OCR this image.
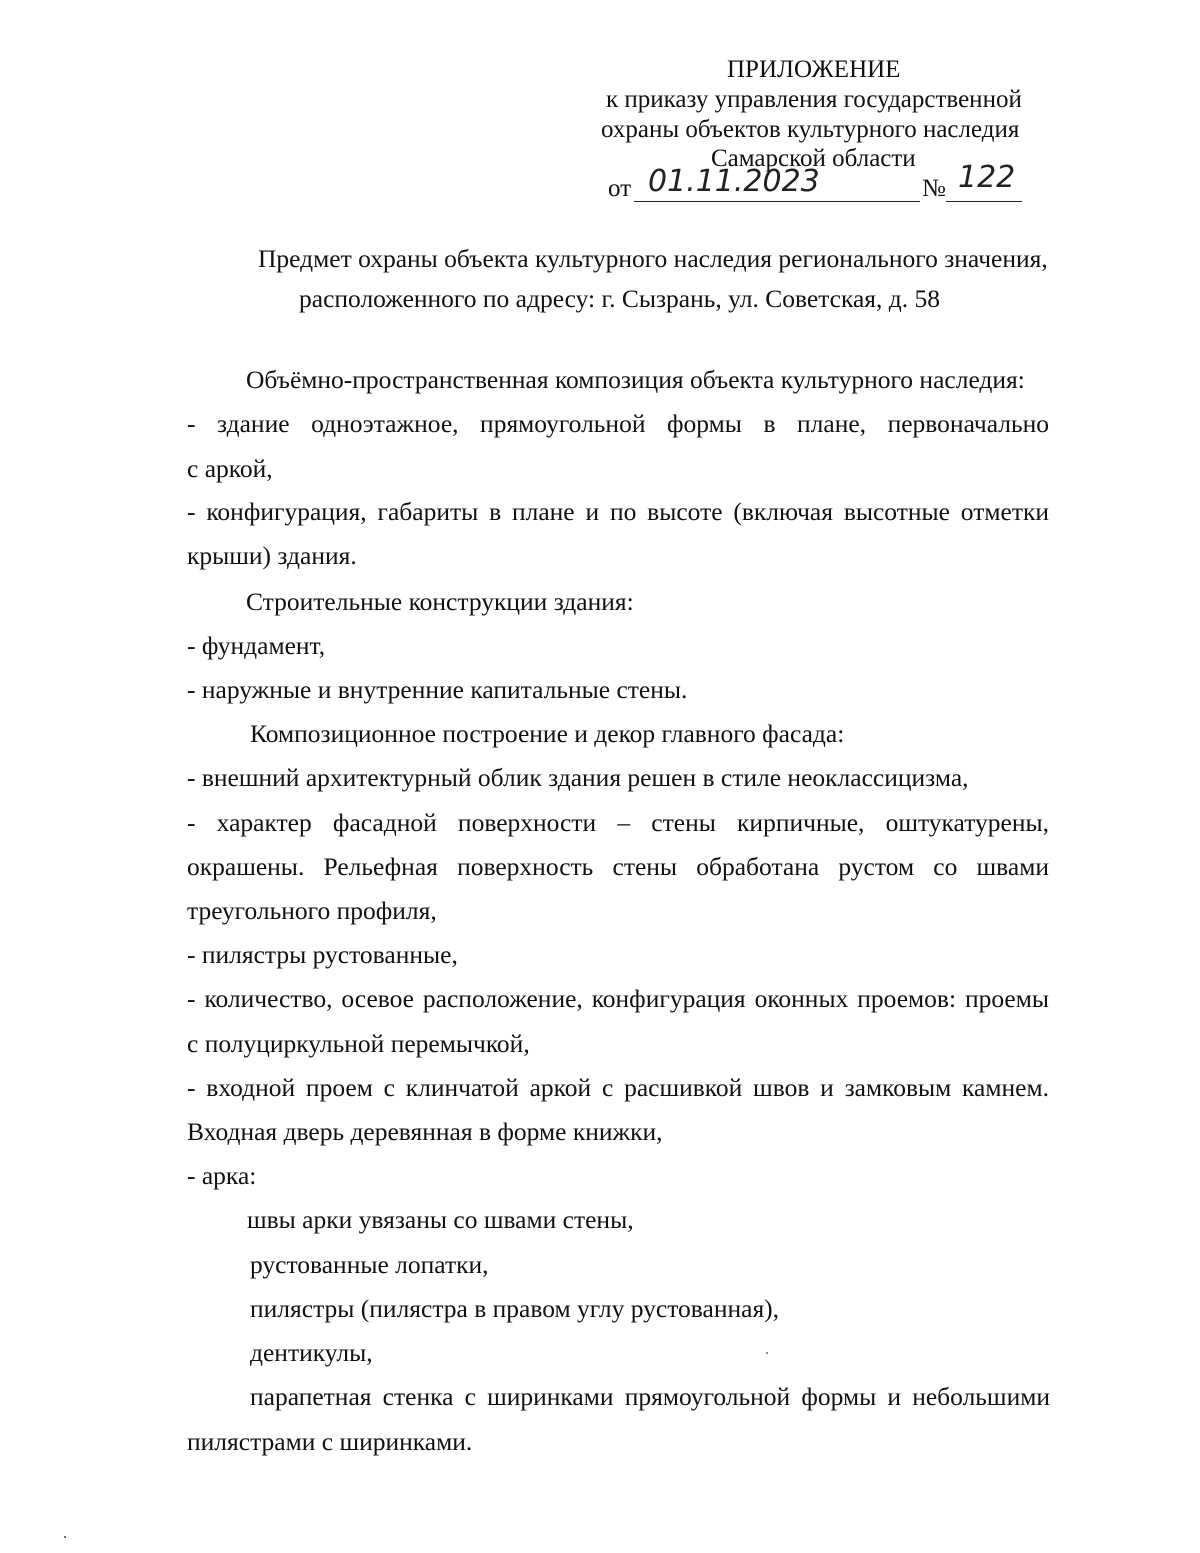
ПРИЛОЖЕНИЕ
к приказу управления государственной
охраны объектов культурного наследия
Самарской области
от 01.11.2023	№ 122
Предмет охраны объекта культурного наследия регионального значения,
расположенного по адресу: г. Сызрань, ул. Советская, д. 58
Объёмно-пространственная композиция объекта культурного наследия:
- здание одноэтажное, прямоугольной формы в плане, первоначально
с аркой,
- конфигурация, габариты в плане и по высоте (включая высотные отметки
крыши) здания.
Строительные конструкции здания:
- фундамент,
- наружные и внутренние капитальные стены.
Композиционное построение и декор главного фасада:
- внешний архитектурный облик здания решен в стиле неоклассицизма,
- характер фасадной поверхности – стены кирпичные, оштукатурены,
окрашены. Рельефная поверхность стены обработана рустом со швами
треугольного профиля,
- пилястры рустованные,
- количество, осевое расположение, конфигурация оконных проемов: проемы
с полуциркульной перемычкой,
- входной проем с клинчатой аркой с расшивкой швов и замковым камнем.
Входная дверь деревянная в форме книжки,
- арка:
швы арки увязаны со швами стены,
рустованные лопатки,
пилястры (пилястра в правом углу рустованная),
дентикулы,
парапетная стенка с ширинками прямоугольной формы и небольшими
пилястрами с ширинками.
